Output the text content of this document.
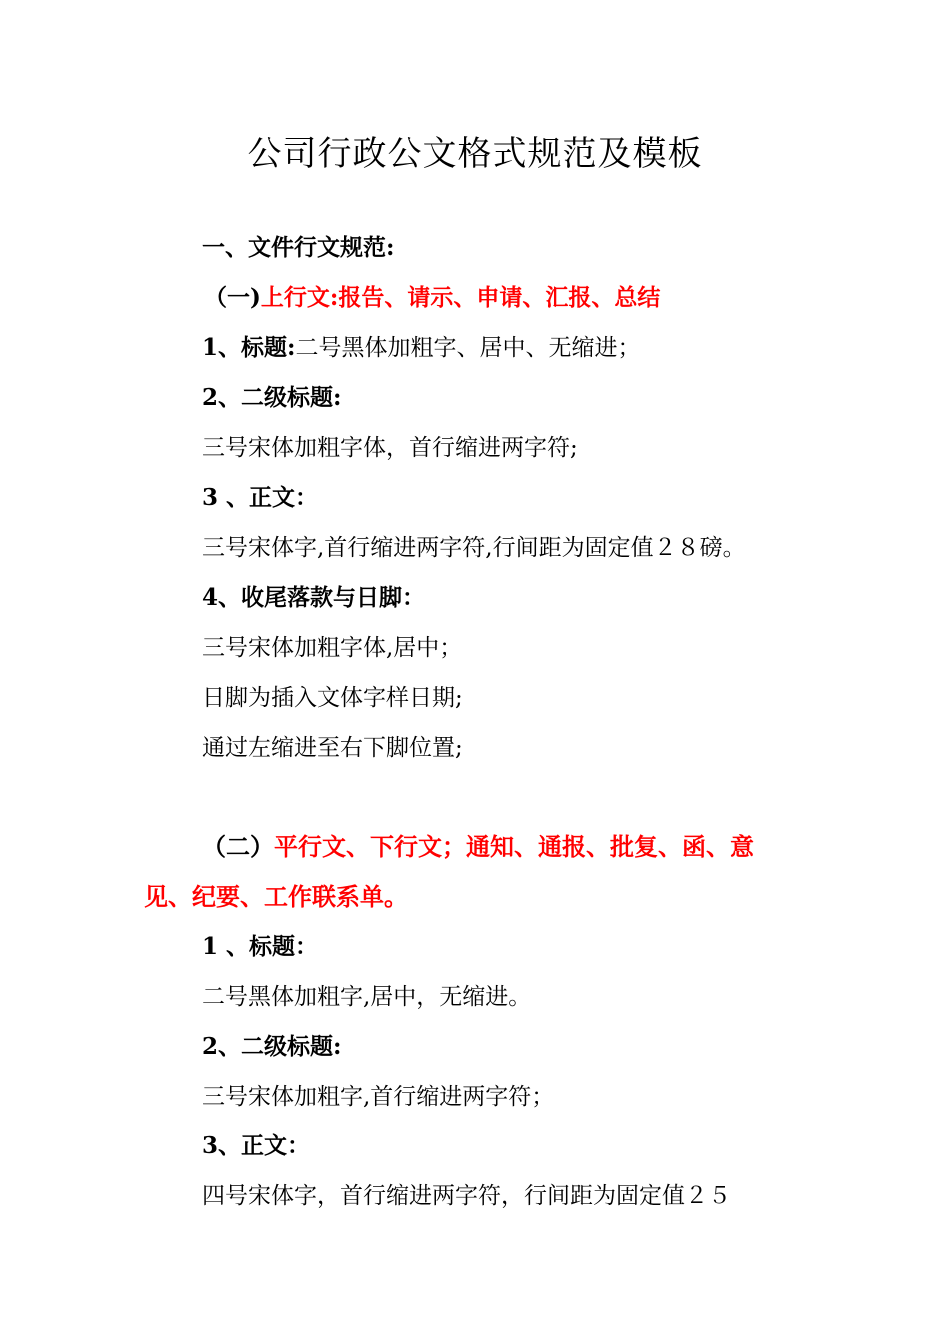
公司行政公文格式规范及模板
一、文件行文规范:
（一)上行文:报告、请示、申请、汇报、总结
1、标题:二号黑体加粗字、居中、无缩进；
2、二级标题:
三号宋体加粗字体，首行缩进两字符;
3 、正文：
三号宋体字,首行缩进两字符,行间距为固定值２８磅。
4、收尾落款与日脚：
三号宋体加粗字体,居中；
日脚为插入文体字样日期;
通过左缩进至右下脚位置;
（二）平行文、下行文；通知、通报、批复、函、意
见、纪要、工作联系单。
1 、标题：
二号黑体加粗字,居中，无缩进。
2、二级标题:
三号宋体加粗字,首行缩进两字符；
3、正文：
四号宋体字，首行缩进两字符，行间距为固定值２５
